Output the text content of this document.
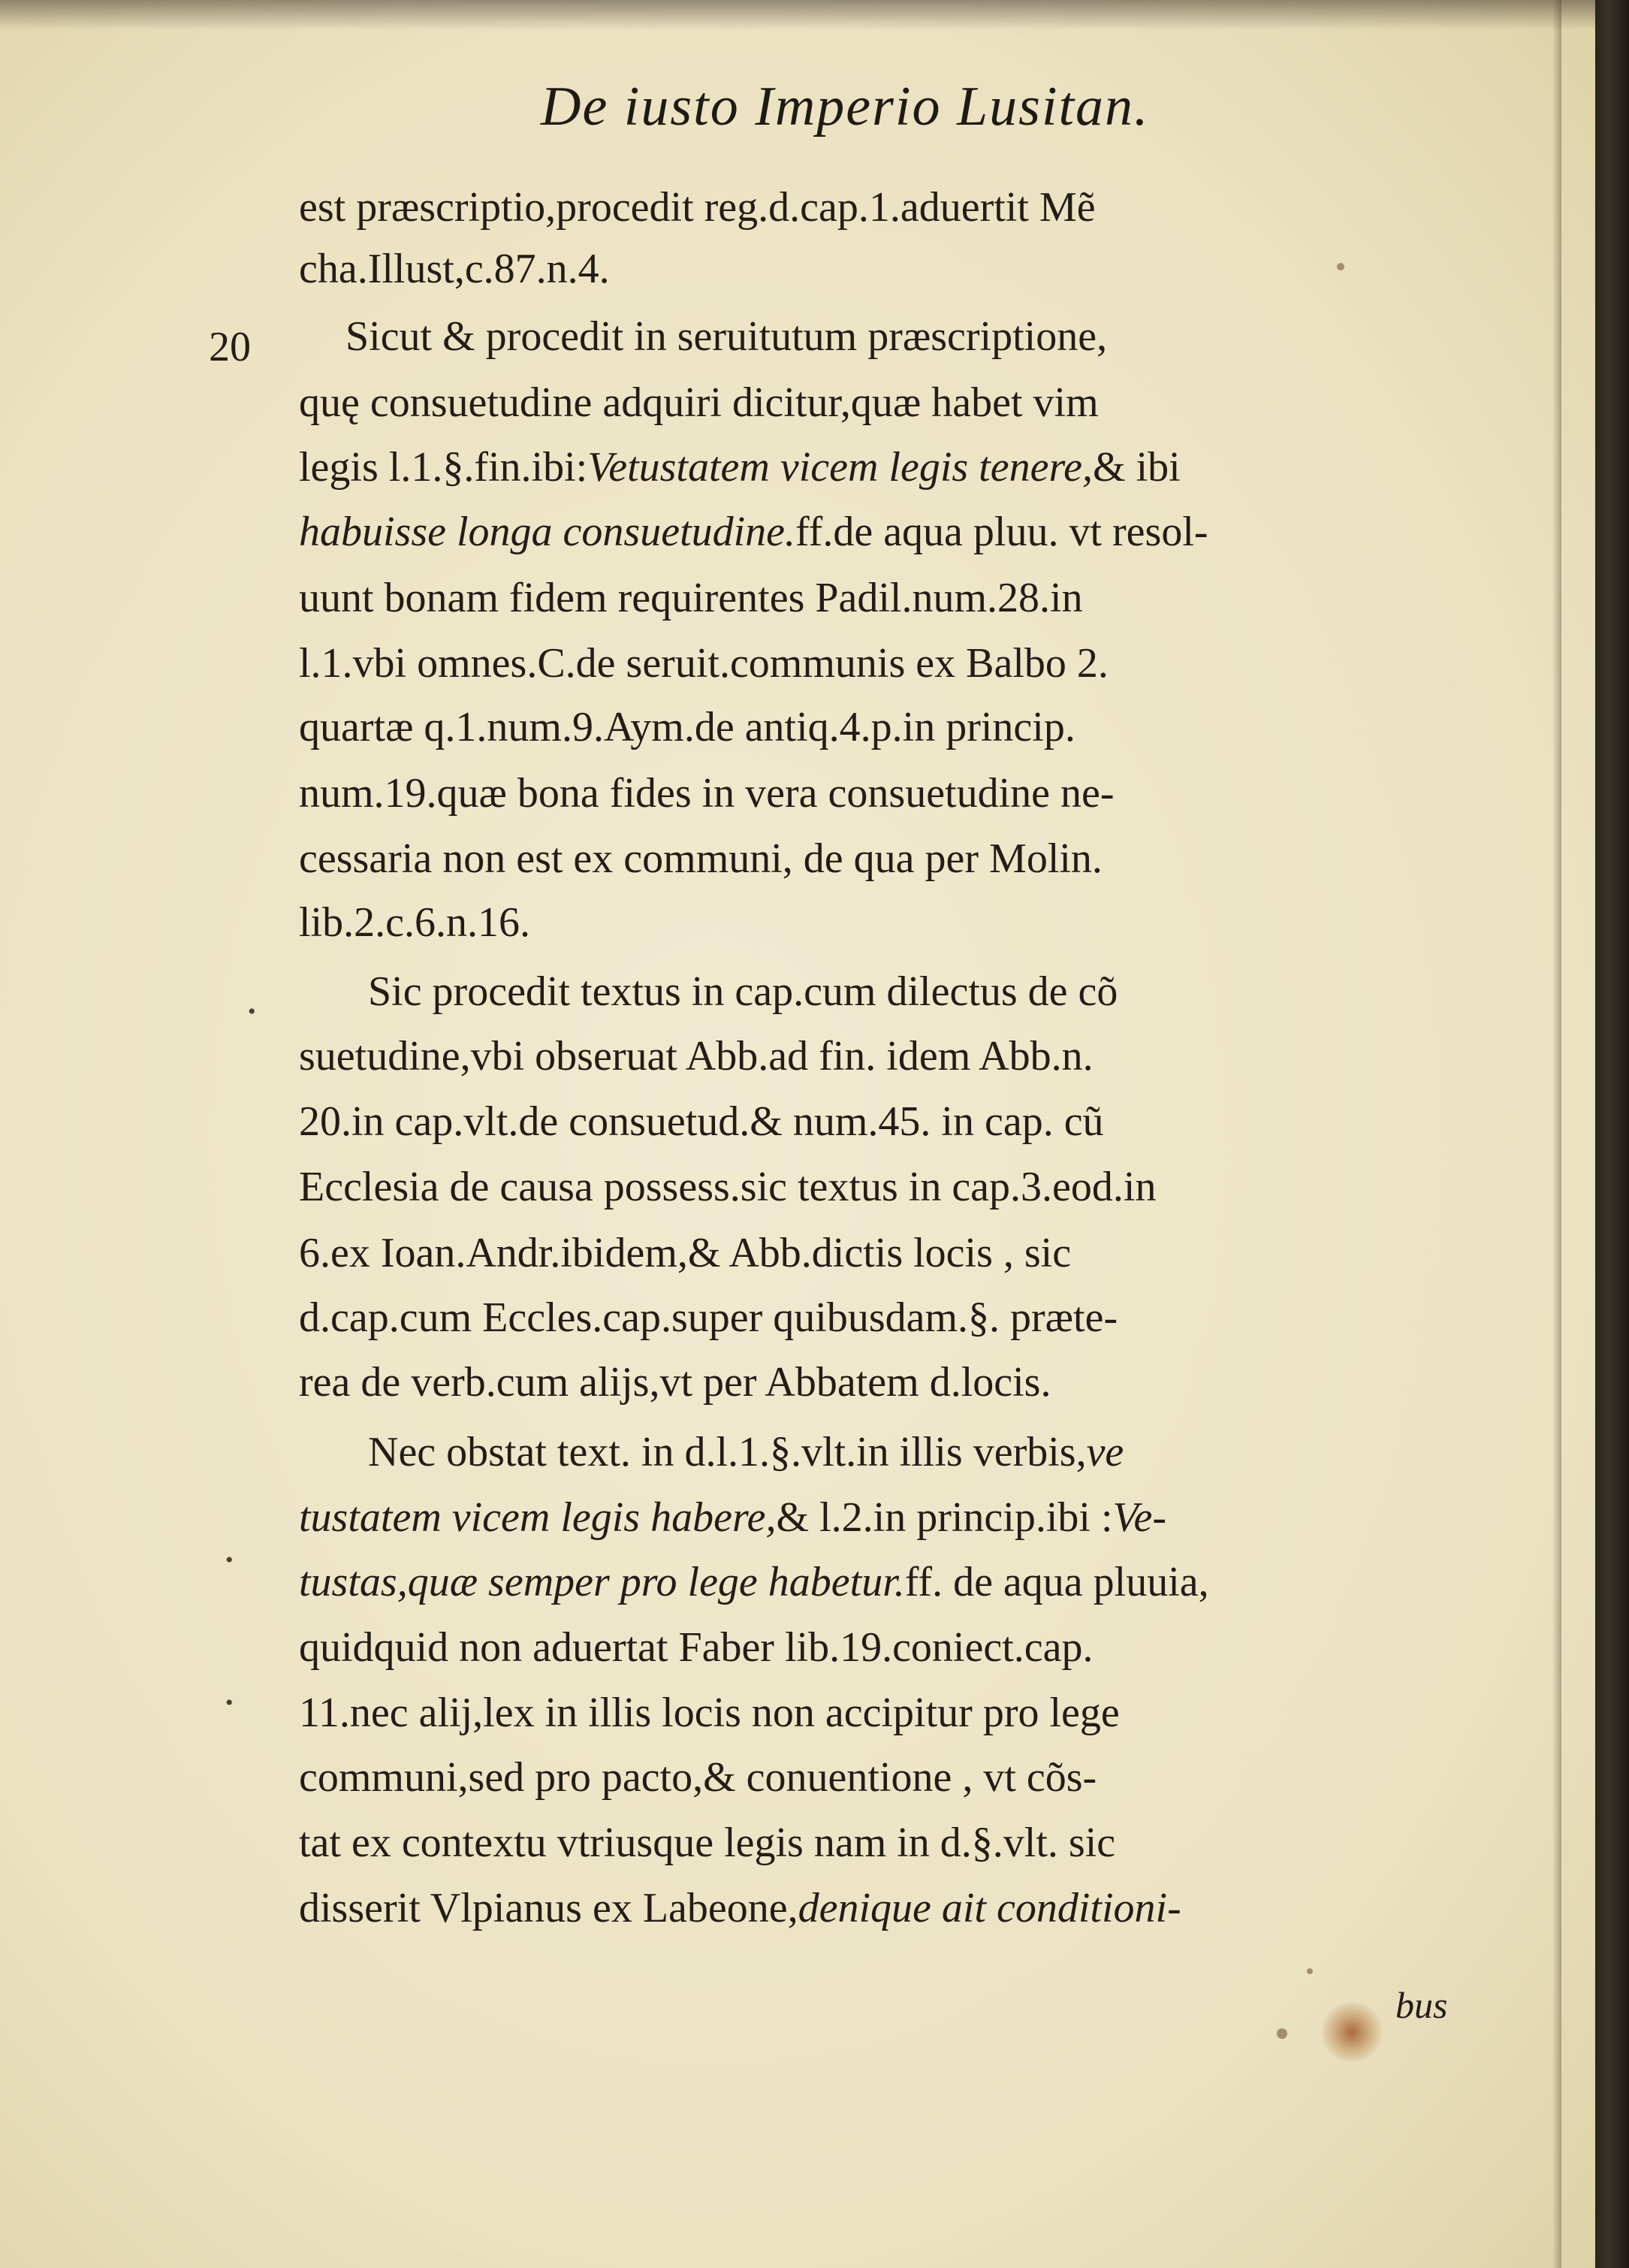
De iusto Imperio Lusitan.
20
•
•
•
est præscriptio,procedit reg.d.cap.1.aduertit Mẽ
cha.Illust,c.87.n.4.
Sicut & procedit in seruitutum præscriptione,
quę consuetudine adquiri dicitur,quæ habet vim
legis l.1.§.fin.ibi:Vetustatem vicem legis tenere,& ibi
habuisse longa consuetudine.ff.de aqua pluu. vt resol-
uunt bonam fidem requirentes Padil.num.28.in
l.1.vbi omnes.C.de seruit.communis ex Balbo 2.
quartæ q.1.num.9.Aym.de antiq.4.p.in princip.
num.19.quæ bona fides in vera consuetudine ne-
cessaria non est ex communi, de qua per Molin.
lib.2.c.6.n.16.
Sic procedit textus in cap.cum dilectus de cõ
suetudine,vbi obseruat Abb.ad fin. idem Abb.n.
20.in cap.vlt.de consuetud.& num.45. in cap. cũ
Ecclesia de causa possess.sic textus in cap.3.eod.in
6.ex Ioan.Andr.ibidem,& Abb.dictis locis , sic
d.cap.cum Eccles.cap.super quibusdam.§. præte-
rea de verb.cum alijs,vt per Abbatem d.locis.
Nec obstat text. in d.l.1.§.vlt.in illis verbis,ve
tustatem vicem legis habere,& l.2.in princip.ibi :Ve-
tustas,quæ semper pro lege habetur.ff. de aqua pluuia,
quidquid non aduertat Faber lib.19.coniect.cap.
11.nec alij,lex in illis locis non accipitur pro lege
communi,sed pro pacto,& conuentione , vt cõs-
tat ex contextu vtriusque legis nam in d.§.vlt. sic
disserit Vlpianus ex Labeone,denique ait conditioni-
bus
